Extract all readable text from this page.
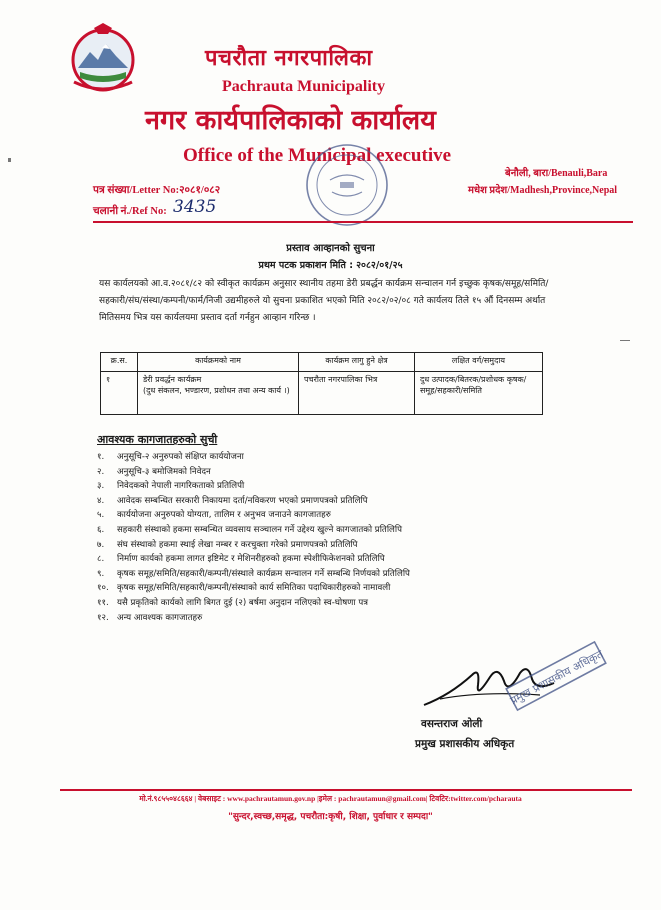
पचरौता नगरपालिका
Pachrauta Municipality
नगर कार्यपालिकाको कार्यालय
Office of the Municipal executive
बेनौली, बारा/Benauli,Bara
मधेश प्रदेश/Madhesh,Province,Nepal
पत्र संख्या/Letter No:२०८१/०८२
चलानी नं./Ref No: 3435
प्रस्ताव आव्हानको सुचना
प्रथम पटक प्रकाशन मिति : २०८२/०१/२५
यस कार्यलयको आ.व.२०८१/८२ को स्वीकृत कार्यक्रम अनुसार स्थानीय तहमा डेरी प्रबर्द्धन कार्यक्रम सन्चालन गर्न इच्छुक कृषक/समूह/समिति/सहकारी/संघ/संस्था/कम्पनी/फार्म/निजी उद्यमीहरुले यो सुचना प्रकाशित भएको मिति २०८२/०२/०८ गते कार्यलय तिले १५ औं दिनसम्म अर्थात मितिसमय भित्र यस कार्यलयमा प्रस्ताव दर्ता गर्नहुन आव्हान गरिन्छ ।
क्र.स.	कार्यक्रमको नाम	कार्यक्रम लागु हुने क्षेत्र	लक्षित वर्ग/समुदाय
१	डेरी प्रवर्द्धन कार्यक्रम
(दुध संकलन, भण्डारण, प्रशोधन तथा अन्य कार्य ।)	पचरौता नगरपालिका भित्र	दुध उत्पादक/बितरक/प्रशोधक कृषक/समूह/सहकारी/समिति
आवश्यक कागजातहरुको सुची
१.	अनुसूचि-२ अनुरुपको संक्षिप्त कार्ययोजना
२.	अनुसूचि-३ बमोजिमको निवेदन
३.	निवेदकको नेपाली नागरिकताको प्रतिलिपी
४.	आवेदक सम्बन्धित सरकारी निकायमा दर्ता/नविकरण भएको प्रमाणपत्रको प्रतिलिपि
५.	कार्ययोजना अनुरुपको योग्यता, तालिम र अनुभव जनाउने कागजातहरु
६.	सहकारी संस्थाको हकमा सम्बन्धित व्यवसाय सञ्चालन गर्ने उद्देश्य खुल्ने कागजातको प्रतिलिपि
७.	संघ संस्थाको हकमा स्थाई लेखा नम्बर र करचुक्ता गरेको प्रमाणपत्रको प्रतिलिपि
८.	निर्माण कार्यको हकमा लागत इष्टिमेट र मेशिनरीहरुको हकमा स्पेशीफिकेशनको प्रतिलिपि
९.	कृषक समूह/समिति/सहकारी/कम्पनी/संस्थाले कार्यक्रम सन्चालन गर्ने सम्बन्धि निर्णयको प्रतिलिपि
१०. कृषक समूह/समिति/सहकारी/कम्पनी/संस्थाको कार्य समितिका पदाधिकारीहरुको नामावली
११. यसै प्रकृतिको कार्यको लागि बिगत दुई (२) बर्षमा अनुदान नलिएको स्व-घोषणा पत्र
१२. अन्य आवश्यक कागजातहरु
प्रमुख प्रशासकीय अधिकृत
वसन्तराज ओली
प्रमुख प्रशासकीय अधिकृत
मो.नं.९८५५०४८६६४ | वेबसाइट : www.pachrautamun.gov.np |इमेल : pachrautamun@gmail.com| टिवटिर:twitter.com/pcharauta
"सुन्दर,स्वच्छ,समृद्ध, पचरौता:कृषी, शिक्षा, पुर्वाधार र सम्पदा"
